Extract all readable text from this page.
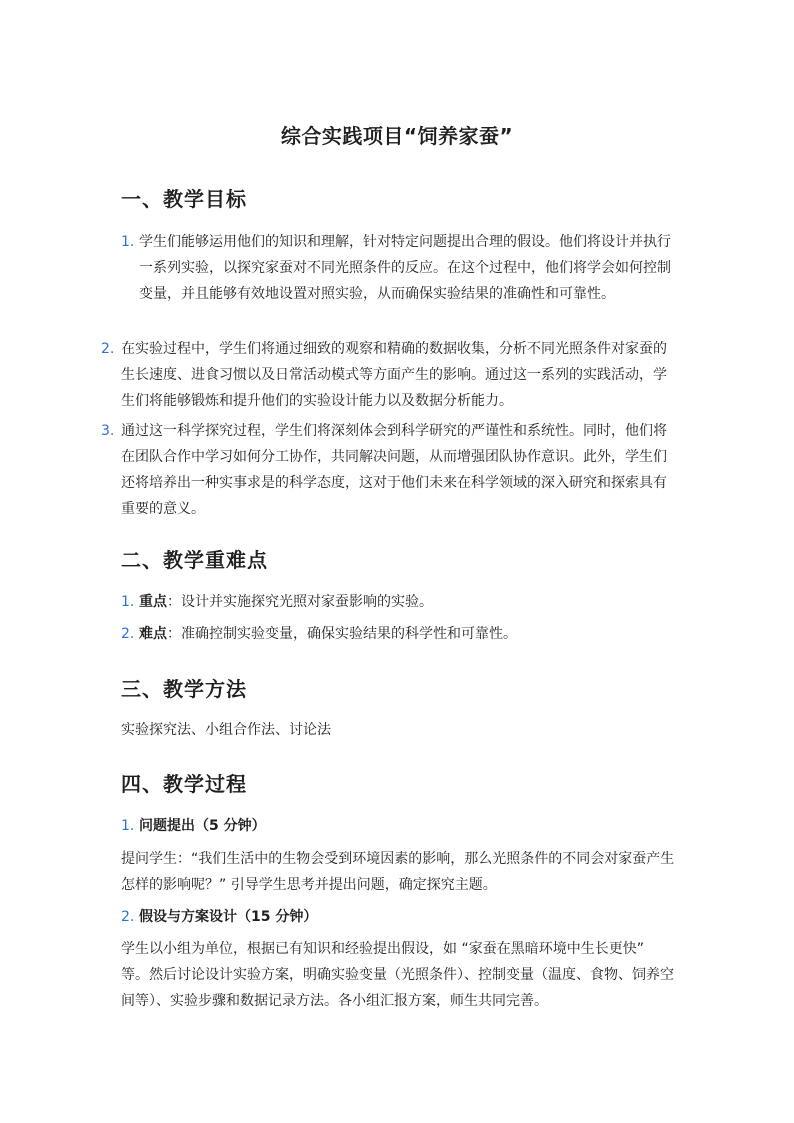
综合实践项目“饲养家蚕”
一、教学目标
1. 学生们能够运用他们的知识和理解，针对特定问题提出合理的假设。他们将设计并执行一系列实验，以探究家蚕对不同光照条件的反应。在这个过程中，他们将学会如何控制变量，并且能够有效地设置对照实验，从而确保实验结果的准确性和可靠性。
2. 在实验过程中，学生们将通过细致的观察和精确的数据收集，分析不同光照条件对家蚕的生长速度、进食习惯以及日常活动模式等方面产生的影响。通过这一系列的实践活动，学生们将能够锻炼和提升他们的实验设计能力以及数据分析能力。
3. 通过这一科学探究过程，学生们将深刻体会到科学研究的严谨性和系统性。同时，他们将在团队合作中学习如何分工协作，共同解决问题，从而增强团队协作意识。此外，学生们还将培养出一种实事求是的科学态度，这对于他们未来在科学领域的深入研究和探索具有重要的意义。
二、教学重难点
1. 重点：设计并实施探究光照对家蚕影响的实验。
2. 难点：准确控制实验变量，确保实验结果的科学性和可靠性。
三、教学方法
实验探究法、小组合作法、讨论法
四、教学过程
1. 问题提出（5 分钟）
提问学生：“我们生活中的生物会受到环境因素的影响，那么光照条件的不同会对家蚕产生怎样的影响呢？” 引导学生思考并提出问题，确定探究主题。
2. 假设与方案设计（15 分钟）
学生以小组为单位，根据已有知识和经验提出假设，如 “家蚕在黑暗环境中生长更快” 等。然后讨论设计实验方案，明确实验变量（光照条件）、控制变量（温度、食物、饲养空间等）、实验步骤和数据记录方法。各小组汇报方案，师生共同完善。
